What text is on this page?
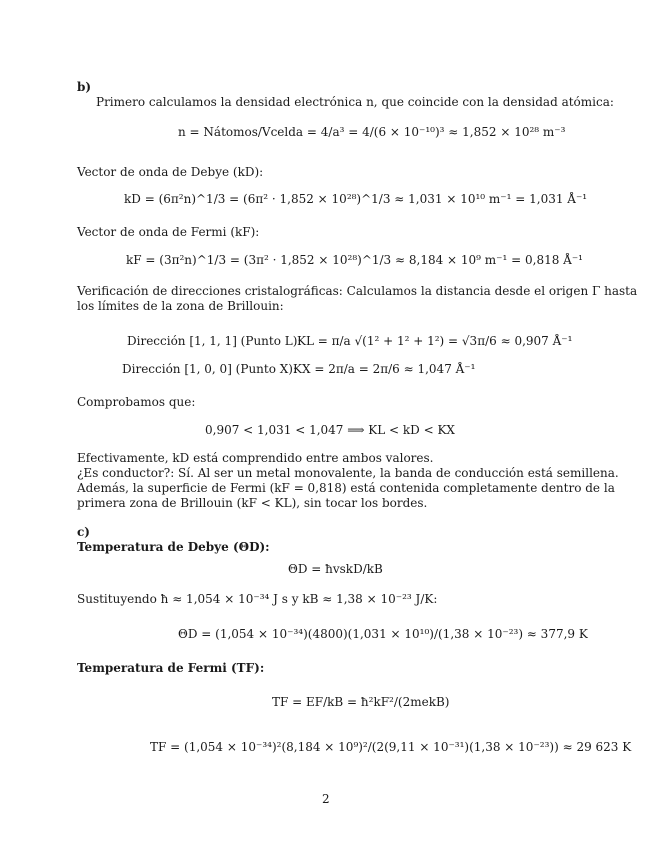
b)
Primero calculamos la densidad electrónica n, que coincide con la densidad atómica:
n = Nátomos/Vcelda = 4/a³ = 4/(6 × 10⁻¹⁰)³ ≈ 1,852 × 10²⁸ m⁻³
Vector de onda de Debye (kD):
kD = (6π²n)^1/3 = (6π² · 1,852 × 10²⁸)^1/3 ≈ 1,031 × 10¹⁰ m⁻¹ = 1,031 Å⁻¹
Vector de onda de Fermi (kF):
kF = (3π²n)^1/3 = (3π² · 1,852 × 10²⁸)^1/3 ≈ 8,184 × 10⁹ m⁻¹ = 0,818 Å⁻¹
Verificación de direcciones cristalográficas: Calculamos la distancia desde el origen Γ hasta
los límites de la zona de Brillouin:
Dirección [1, 1, 1] (Punto L):
KL = π/a √(1² + 1² + 1²) = √3π/6 ≈ 0,907 Å⁻¹
Dirección [1, 0, 0] (Punto X):
KX = 2π/a = 2π/6 ≈ 1,047 Å⁻¹
Comprobamos que:
0,907 < 1,031 < 1,047 ⟹ KL < kD < KX
Efectivamente, kD está comprendido entre ambos valores.
¿Es conductor?: Sí. Al ser un metal monovalente, la banda de conducción está semillena.
Además, la superficie de Fermi (kF = 0,818) está contenida completamente dentro de la
primera zona de Brillouin (kF < KL), sin tocar los bordes.
c)
Temperatura de Debye (ΘD):
ΘD = ħvskD/kB
Sustituyendo ħ ≈ 1,054 × 10⁻³⁴ J s y kB ≈ 1,38 × 10⁻²³ J/K:
ΘD = (1,054 × 10⁻³⁴)(4800)(1,031 × 10¹⁰)/(1,38 × 10⁻²³) ≈ 377,9 K
Temperatura de Fermi (TF):
TF = EF/kB = ħ²kF²/(2mekB)
TF = (1,054 × 10⁻³⁴)²(8,184 × 10⁹)²/(2(9,11 × 10⁻³¹)(1,38 × 10⁻²³)) ≈ 29 623 K
2
